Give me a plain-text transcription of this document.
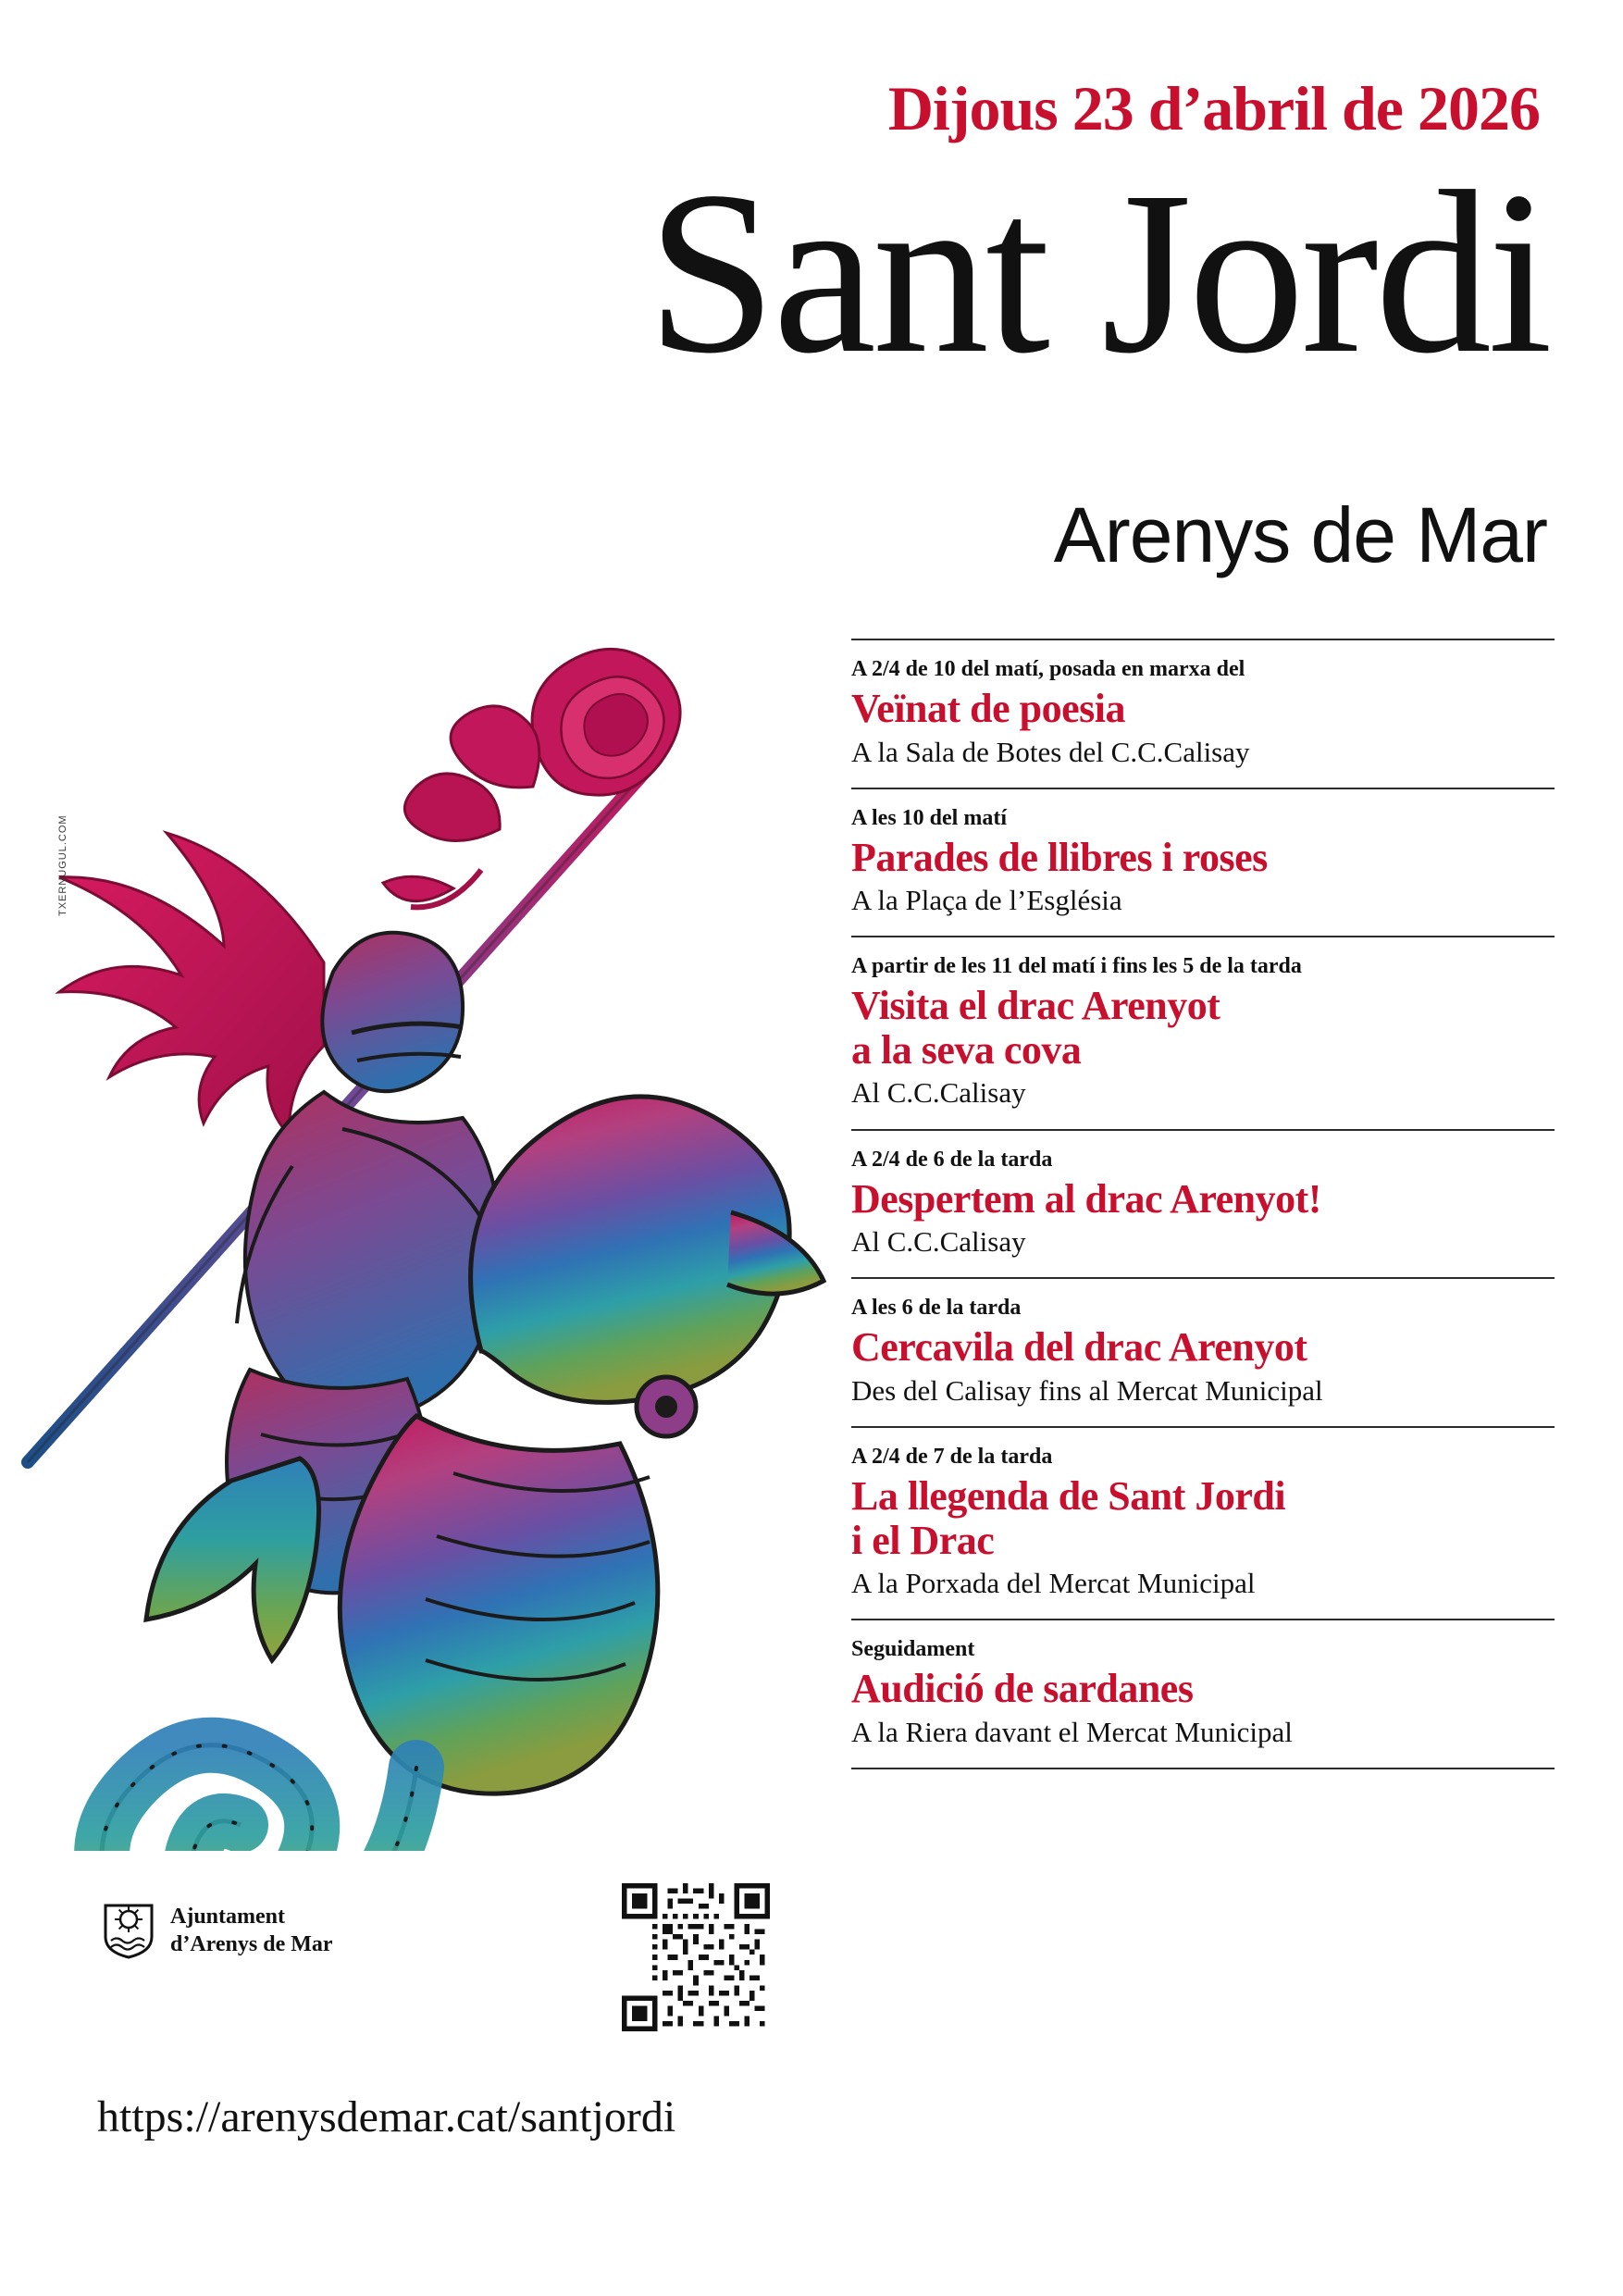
Dijous 23 d’abril de 2026
Sant Jordi
Arenys de Mar
TXERNUGUL.COM
A 2/4 de 10 del matí, posada en marxa del
Veïnat de poesia
A la Sala de Botes del C.C.Calisay
A les 10 del matí
Parades de llibres i roses
A la Plaça de l’Església
A partir de les 11 del matí i fins les 5 de la tarda
Visita el drac Arenyot
a la seva cova
Al C.C.Calisay
A 2/4 de 6 de la tarda
Despertem al drac Arenyot!
Al C.C.Calisay
A les 6 de la tarda
Cercavila del drac Arenyot
Des del Calisay fins al Mercat Municipal
A 2/4 de 7 de la tarda
La llegenda de Sant Jordi
i el Drac
A la Porxada del Mercat Municipal
Seguidament
Audició de sardanes
A la Riera davant el Mercat Municipal
Ajuntament
d’Arenys de Mar
https://arenysdemar.cat/santjordi
